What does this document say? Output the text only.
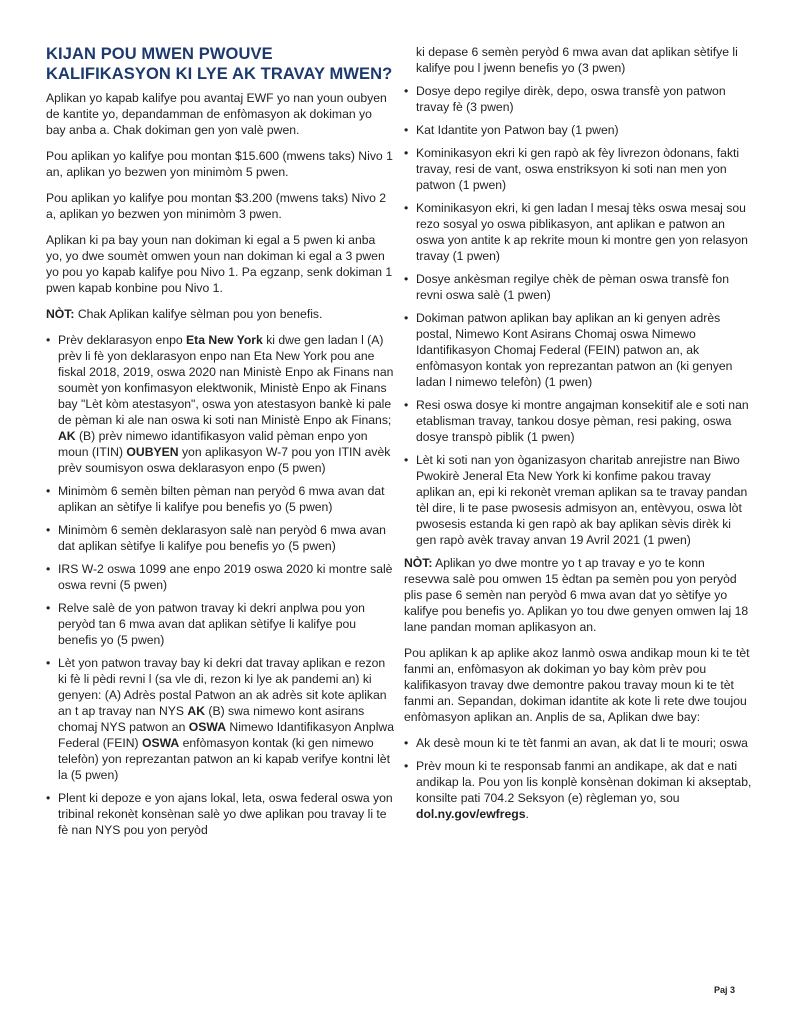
KIJAN POU MWEN PWOUVE KALIFIKASYON KI LYE AK TRAVAY MWEN?

Aplikan yo kapab kalifye pou avantaj EWF yo nan youn oubyen de kantite yo, depandamman de enfòmasyon ak dokiman yo bay anba a. Chak dokiman gen yon valè pwen.

Pou aplikan yo kalifye pou montan $15.600 (mwens taks) Nivo 1 an, aplikan yo bezwen yon minimòm 5 pwen.

Pou aplikan yo kalifye pou montan $3.200 (mwens taks) Nivo 2 a, aplikan yo bezwen yon minimòm 3 pwen.

Aplikan ki pa bay youn nan dokiman ki egal a 5 pwen ki anba yo, yo dwe soumèt omwen youn nan dokiman ki egal a 3 pwen yo pou yo kapab kalifye pou Nivo 1. Pa egzanp, senk dokiman 1 pwen kapab konbine pou Nivo 1.

NÒT: Chak Aplikan kalifye sèlman pou yon benefis.

• Prèv deklarasyon enpo Eta New York ki dwe gen ladan l (A) prèv li fè yon deklarasyon enpo nan Eta New York pou ane fiskal 2018, 2019, oswa 2020 nan Ministè Enpo ak Finans nan soumèt yon konfimasyon elektwonik, Ministè Enpo ak Finans bay "Lèt kòm atestasyon", oswa yon atestasyon bankè ki pale de pèman ki ale nan oswa ki soti nan Ministè Enpo ak Finans; AK (B) prèv nimewo idantifikasyon valid pèman enpo yon moun (ITIN) OUBYEN yon aplikasyon W-7 pou yon ITIN avèk prèv soumisyon oswa deklarasyon enpo (5 pwen)
• Minimòm 6 semèn bilten pèman nan peryòd 6 mwa avan dat aplikan an sètifye li kalifye pou benefis yo (5 pwen)
• Minimòm 6 semèn deklarasyon salè nan peryòd 6 mwa avan dat aplikan sètifye li kalifye pou benefis yo (5 pwen)
• IRS W-2 oswa 1099 ane enpo 2019 oswa 2020 ki montre salè oswa revni (5 pwen)
• Relve salè de yon patwon travay ki dekri anplwa pou yon peryòd tan 6 mwa avan dat aplikan sètifye li kalifye pou benefis yo (5 pwen)
• Lèt yon patwon travay bay ki dekri dat travay aplikan e rezon ki fè li pèdi revni l (sa vle di, rezon ki lye ak pandemi an) ki genyen: (A) Adrès postal Patwon an ak adrès sit kote aplikan an t ap travay nan NYS AK (B) swa nimewo kont asirans chomaj NYS patwon an OSWA Nimewo Idantifikasyon Anplwa Federal (FEIN) OSWA enfòmasyon kontak (ki gen nimewo telefòn) yon reprezantan patwon an ki kapab verifye kontni lèt la (5 pwen)
• Plent ki depoze e yon ajans lokal, leta, oswa federal oswa yon tribinal rekonèt konsènan salè yo dwe aplikan pou travay li te fè nan NYS pou yon peryòd
ki depase 6 semèn peryòd 6 mwa avan dat aplikan sètifye li kalifye pou l jwenn benefis yo (3 pwen)
• Dosye depo regilye dirèk, depo, oswa transfè yon patwon travay fè (3 pwen)
• Kat Idantite yon Patwon bay (1 pwen)
• Kominikasyon ekri ki gen rapò ak fèy livrezon òdonans, fakti travay, resi de vant, oswa enstriksyon ki soti nan men yon patwon (1 pwen)
• Kominikasyon ekri, ki gen ladan l mesaj tèks oswa mesaj sou rezo sosyal yo oswa piblikasyon, ant aplikan e patwon an oswa yon antite k ap rekrite moun ki montre gen yon relasyon travay (1 pwen)
• Dosye ankèsman regilye chèk de pèman oswa transfè fon revni oswa salè (1 pwen)
• Dokiman patwon aplikan bay aplikan an ki genyen adrès postal, Nimewo Kont Asirans Chomaj oswa Nimewo Idantifikasyon Chomaj Federal (FEIN) patwon an, ak enfòmasyon kontak yon reprezantan patwon an (ki genyen ladan l nimewo telefòn) (1 pwen)
• Resi oswa dosye ki montre angajman konsekitif ale e soti nan etablisman travay, tankou dosye pèman, resi paking, oswa dosye transpò piblik (1 pwen)
• Lèt ki soti nan yon òganizasyon charitab anrejistre nan Biwo Pwokirè Jeneral Eta New York ki konfime pakou travay aplikan an, epi ki rekonèt vreman aplikan sa te travay pandan tèl dire, li te pase pwosesis admisyon an, entèvyou, oswa lòt pwosesis estanda ki gen rapò ak bay aplikan sèvis dirèk ki gen rapò avèk travay anvan 19 Avril 2021 (1 pwen)

NÒT: Aplikan yo dwe montre yo t ap travay e yo te konn resevwa salè pou omwen 15 èdtan pa semèn pou yon peryòd plis pase 6 semèn nan peryòd 6 mwa avan dat yo sètifye yo kalifye pou benefis yo. Aplikan yo tou dwe genyen omwen laj 18 lane pandan moman aplikasyon an.

Pou aplikan k ap aplike akoz lanmò oswa andikap moun ki te tèt fanmi an, enfòmasyon ak dokiman yo bay kòm prèv pou kalifikasyon travay dwe demontre pakou travay moun ki te tèt fanmi an. Sepandan, dokiman idantite ak kote li rete dwe toujou enfòmasyon aplikan an. Anplis de sa, Aplikan dwe bay:

• Ak desè moun ki te tèt fanmi an avan, ak dat li te mouri; oswa
• Prèv moun ki te responsab fanmi an andikape, ak dat e nati andikap la. Pou yon lis konplè konsènan dokiman ki akseptab, konsilte pati 704.2 Seksyon (e) règleman yo, sou dol.ny.gov/ewfregs.
Paj 3
